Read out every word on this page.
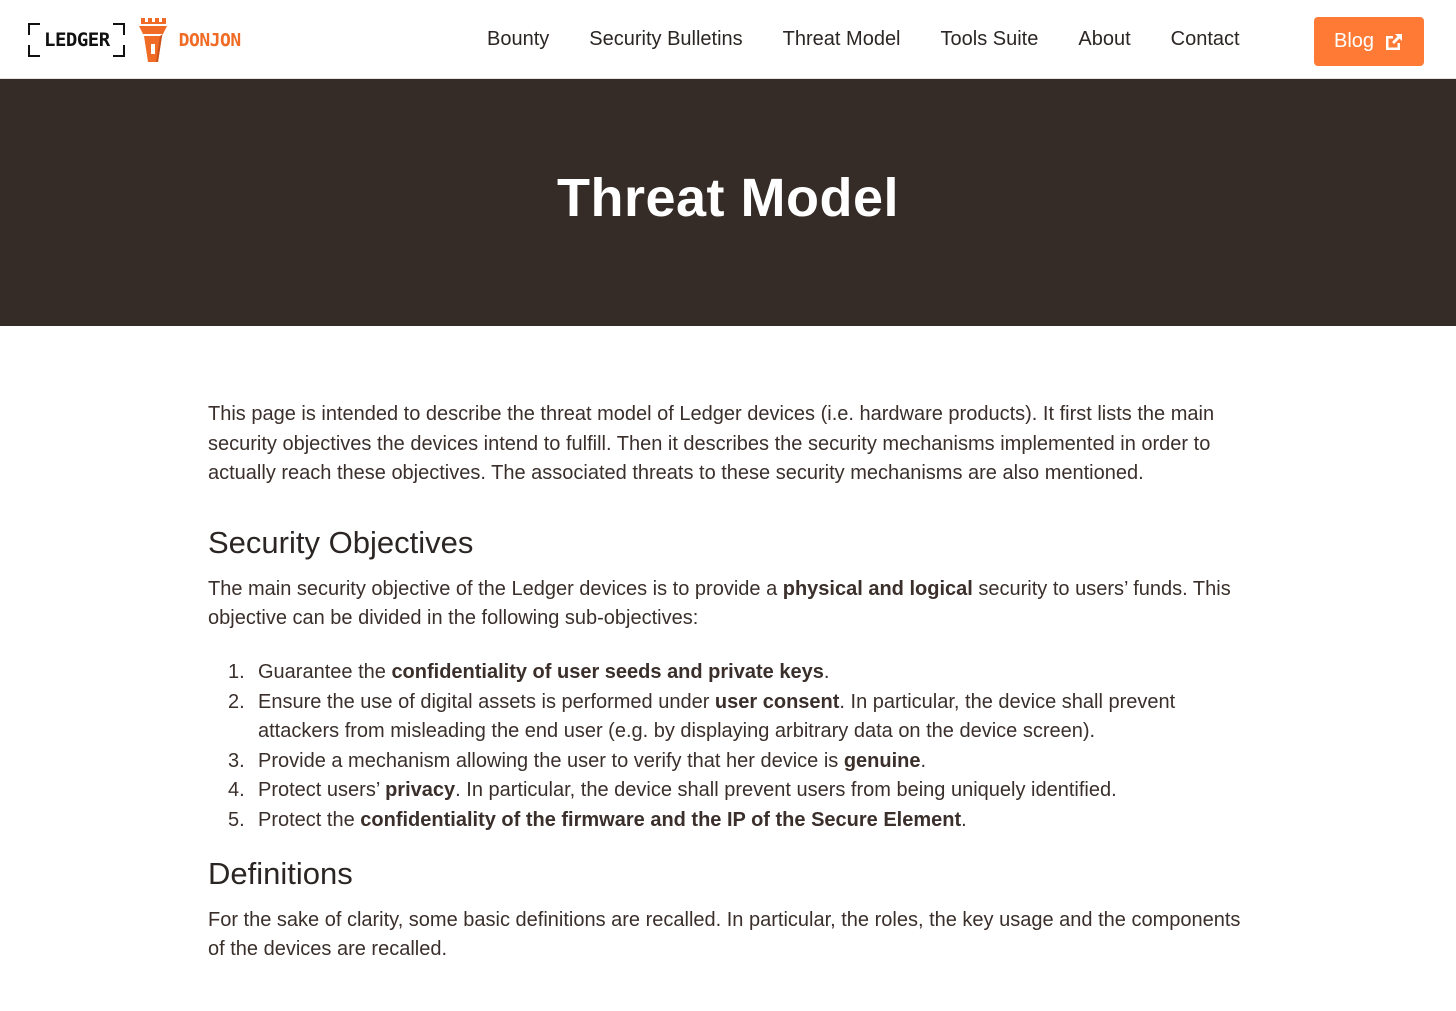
LEDGER	DONJON	Bounty	Security Bulletins	Threat Model	Tools Suite	About	Contact	Blog
Threat Model

This page is intended to describe the threat model of Ledger devices (i.e. hardware products). It first lists the main security objectives the devices intend to fulfill. Then it describes the security mechanisms implemented in order to actually reach these objectives. The associated threats to these security mechanisms are also mentioned.

Security Objectives

The main security objective of the Ledger devices is to provide a physical and logical security to users’ funds. This objective can be divided in the following sub-objectives:

1. Guarantee the confidentiality of user seeds and private keys.
2. Ensure the use of digital assets is performed under user consent. In particular, the device shall prevent attackers from misleading the end user (e.g. by displaying arbitrary data on the device screen).
3. Provide a mechanism allowing the user to verify that her device is genuine.
4. Protect users’ privacy. In particular, the device shall prevent users from being uniquely identified.
5. Protect the confidentiality of the firmware and the IP of the Secure Element.
Definitions

For the sake of clarity, some basic definitions are recalled. In particular, the roles, the key usage and the components of the devices are recalled.
